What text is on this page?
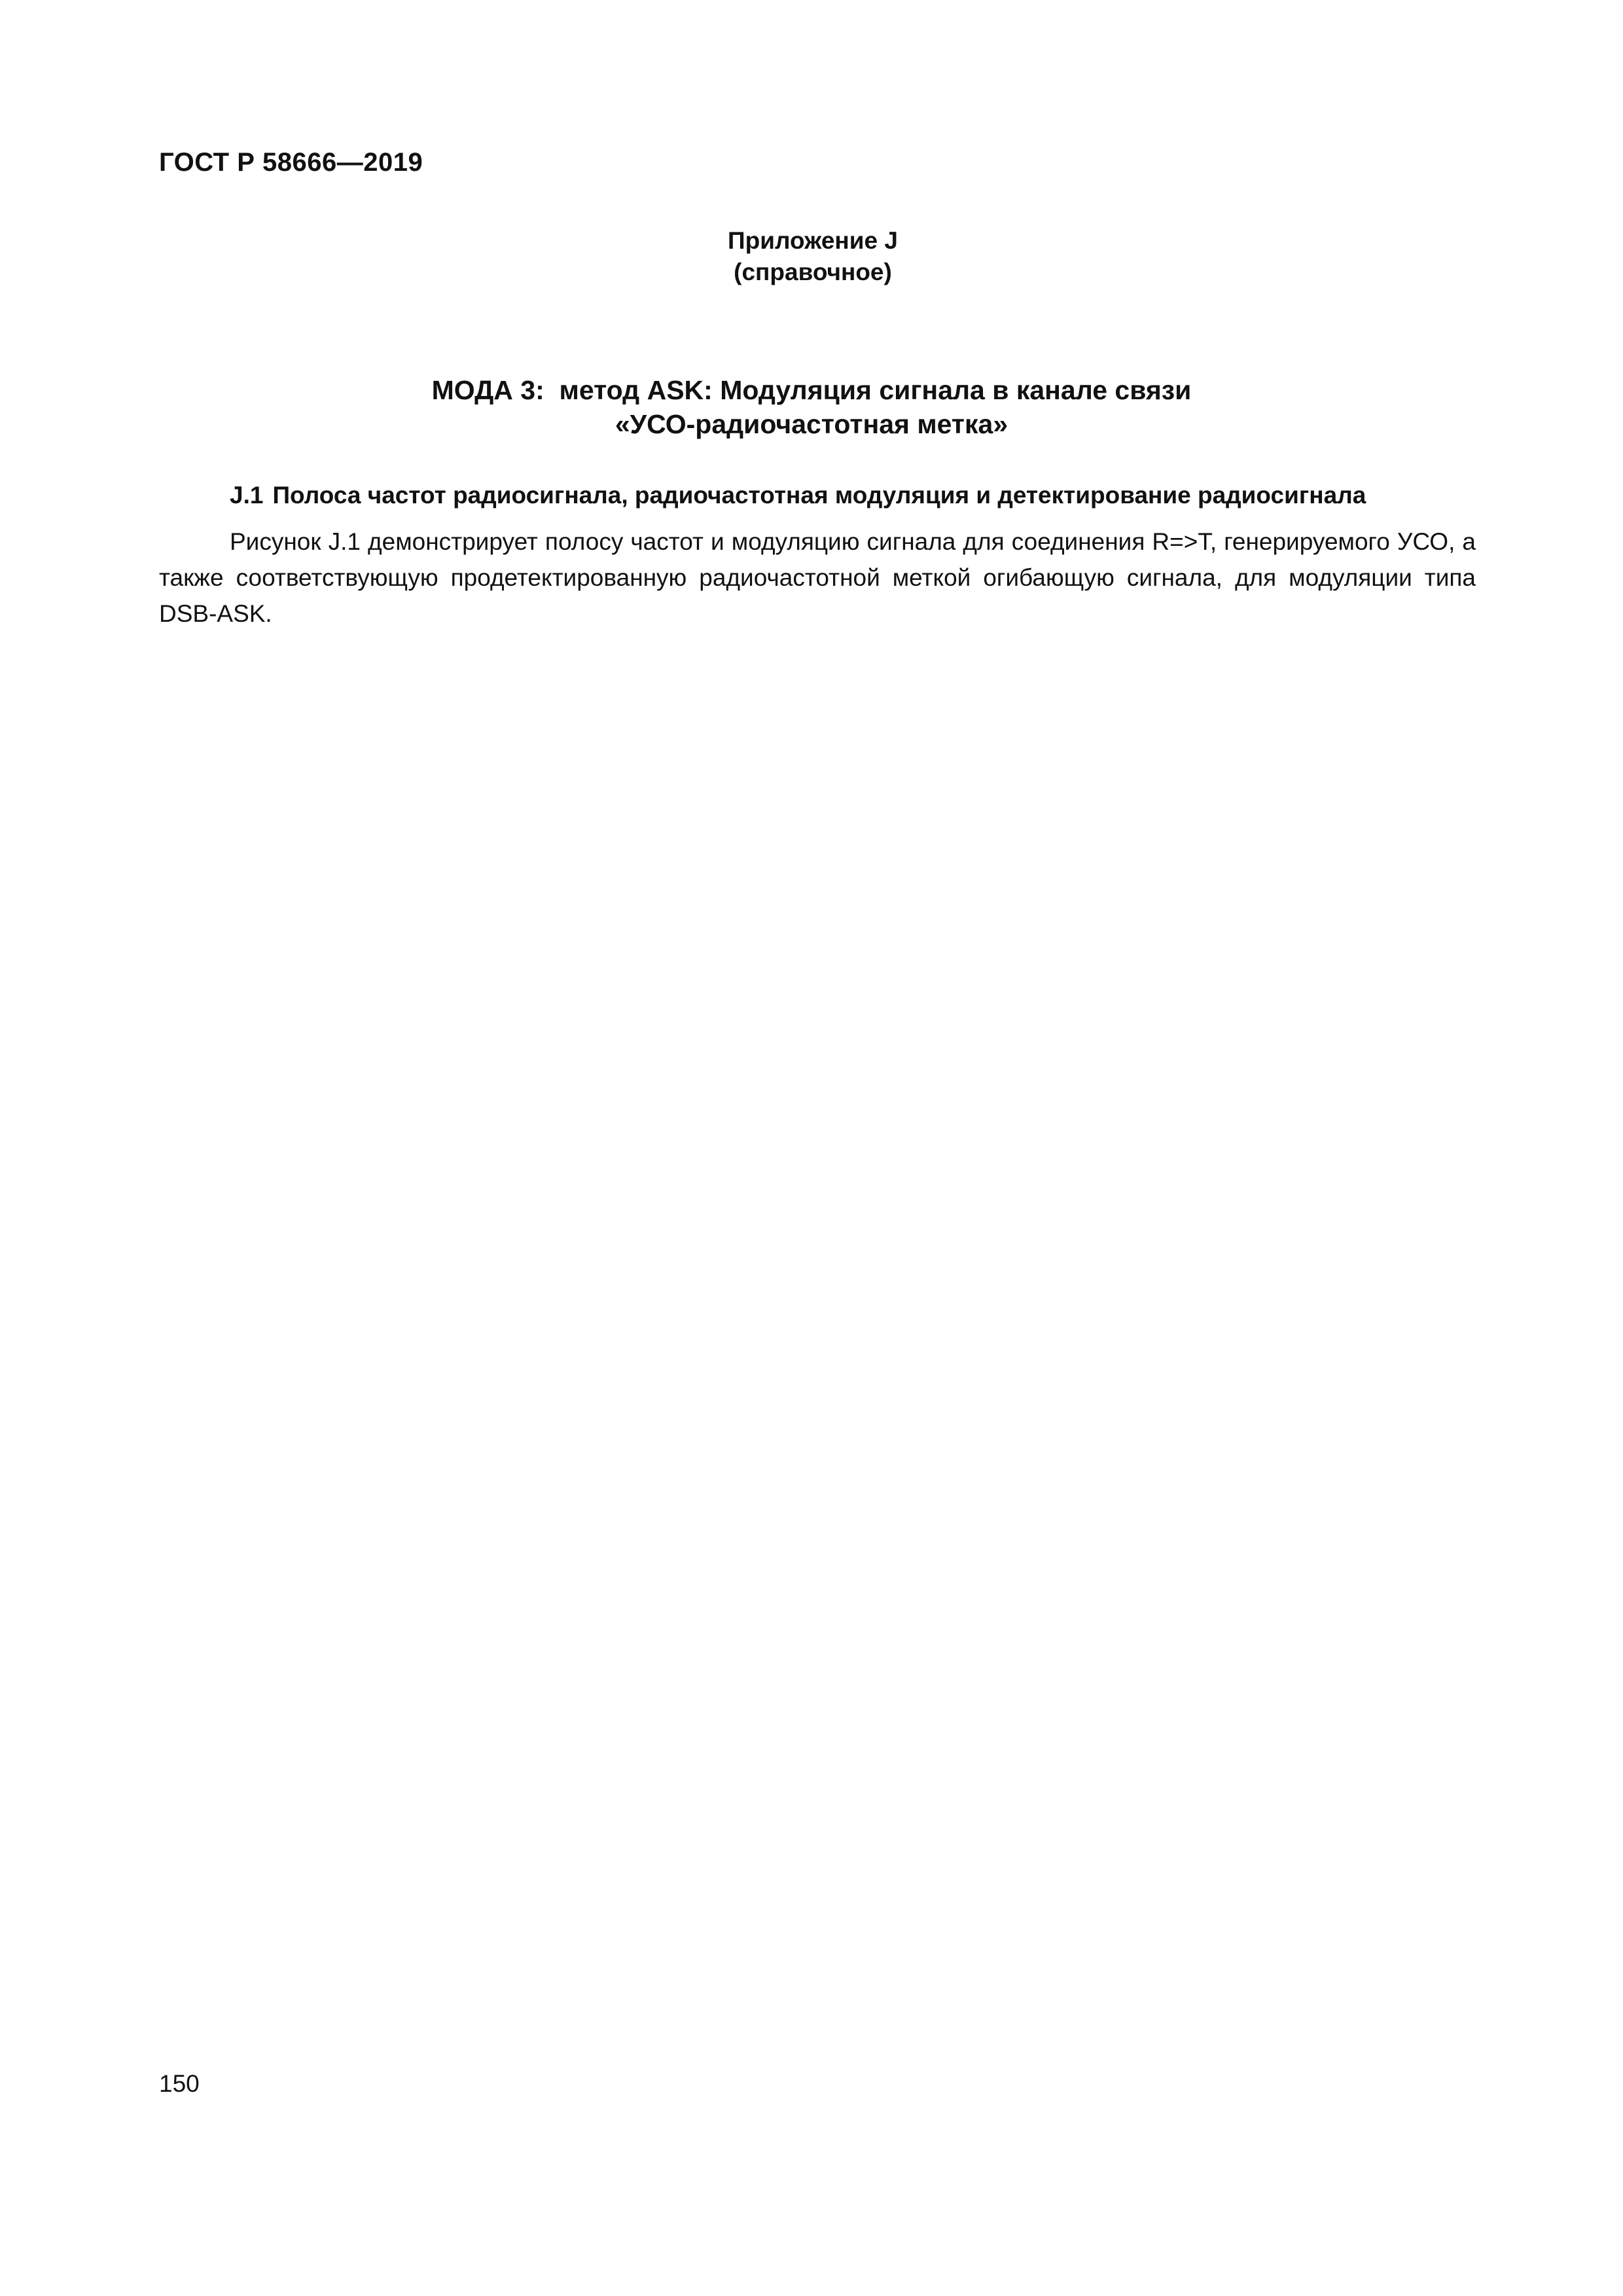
ГОСТ Р 58666—2019

Приложение J
(справочное)
МОДА 3:  метод ASK: Модуляция сигнала в канале связи
«УСО-радиочастотная метка»

J.1 Полоса частот радиосигнала, радиочастотная модуляция и детектирование радиосигнала

Рисунок J.1 демонстрирует полосу частот и модуляцию сигнала для соединения R=>T, генерируемого УСО, а также соответствующую продетектированную радиочастотной меткой огибающую сигнала, для модуляции типа DSB-ASK.

150
